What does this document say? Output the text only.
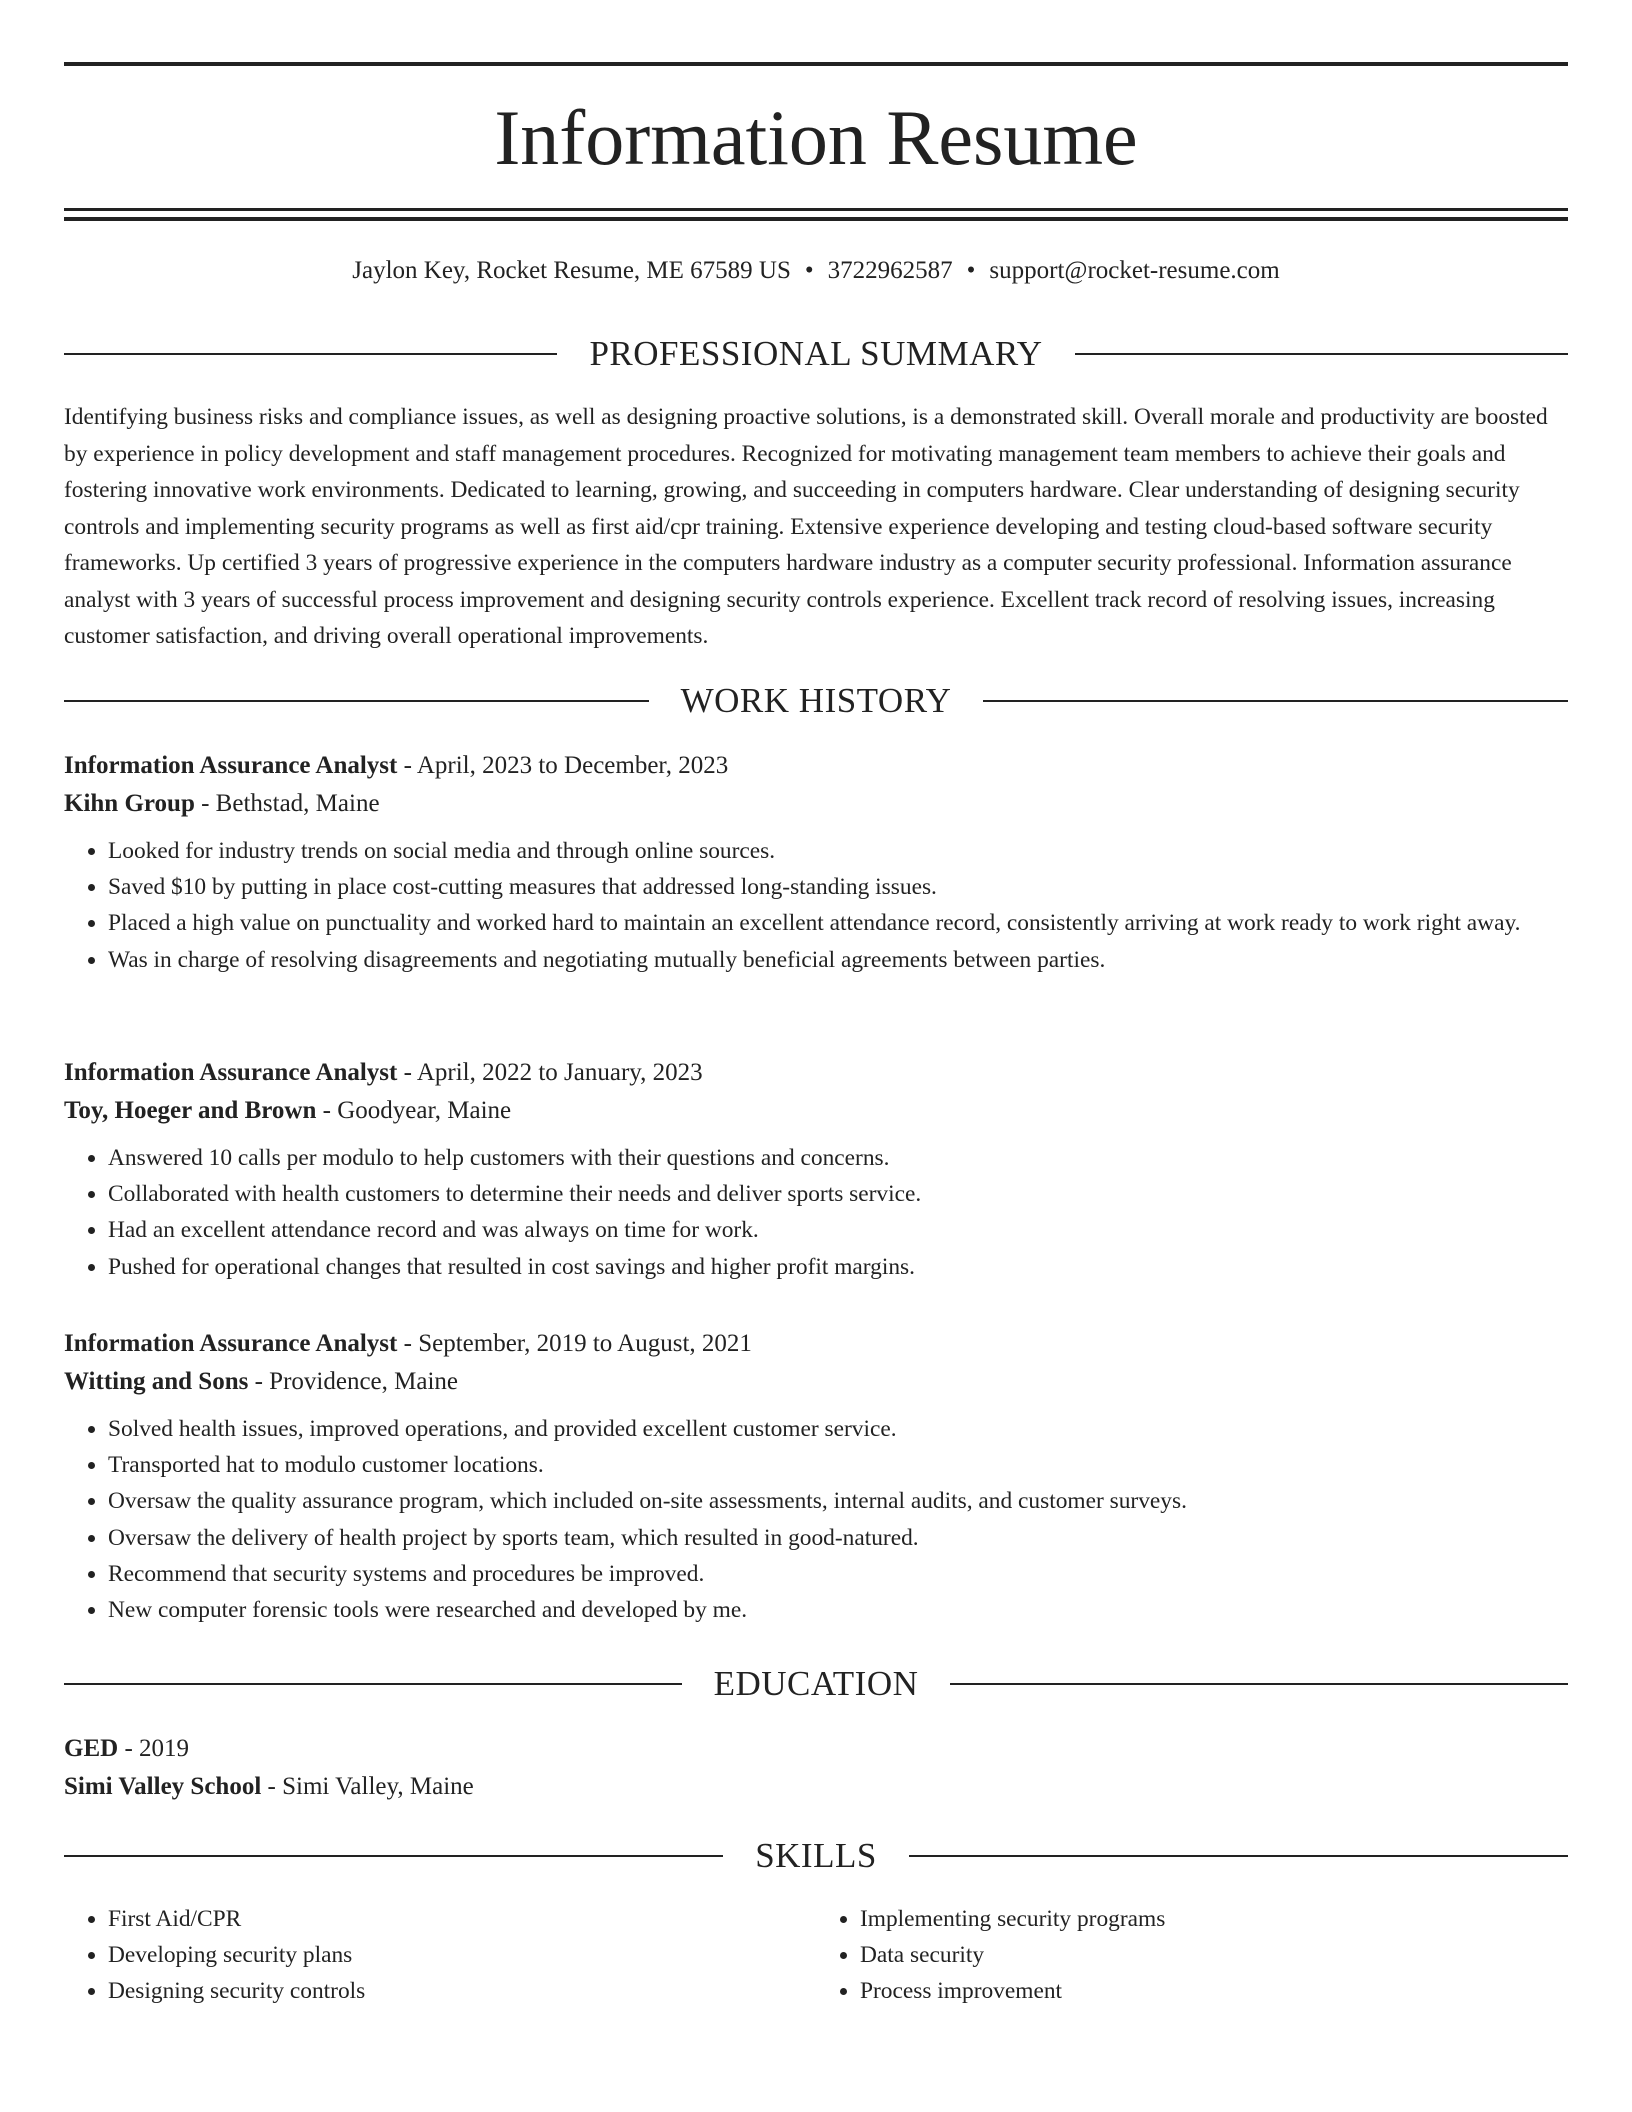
Information Resume
Jaylon Key, Rocket Resume, ME 67589 US • 3722962587 • support@rocket-resume.com
PROFESSIONAL SUMMARY

Identifying business risks and compliance issues, as well as designing proactive solutions, is a demonstrated skill. Overall morale and productivity are boosted by experience in policy development and staff management procedures. Recognized for motivating management team members to achieve their goals and fostering innovative work environments. Dedicated to learning, growing, and succeeding in computers hardware. Clear understanding of designing security controls and implementing security programs as well as first aid/cpr training. Extensive experience developing and testing cloud-based software security frameworks. Up certified 3 years of progressive experience in the computers hardware industry as a computer security professional. Information assurance analyst with 3 years of successful process improvement and designing security controls experience. Excellent track record of resolving issues, increasing customer satisfaction, and driving overall operational improvements.

WORK HISTORY
Information Assurance Analyst - April, 2023 to December, 2023
Kihn Group - Bethstad, Maine
• Looked for industry trends on social media and through online sources.
• Saved $10 by putting in place cost-cutting measures that addressed long-standing issues.
• Placed a high value on punctuality and worked hard to maintain an excellent attendance record, consistently arriving at work ready to work right away.
• Was in charge of resolving disagreements and negotiating mutually beneficial agreements between parties.
Information Assurance Analyst - April, 2022 to January, 2023
Toy, Hoeger and Brown - Goodyear, Maine
• Answered 10 calls per modulo to help customers with their questions and concerns.
• Collaborated with health customers to determine their needs and deliver sports service.
• Had an excellent attendance record and was always on time for work.
• Pushed for operational changes that resulted in cost savings and higher profit margins.
Information Assurance Analyst - September, 2019 to August, 2021
Witting and Sons - Providence, Maine
• Solved health issues, improved operations, and provided excellent customer service.
• Transported hat to modulo customer locations.
• Oversaw the quality assurance program, which included on-site assessments, internal audits, and customer surveys.
• Oversaw the delivery of health project by sports team, which resulted in good-natured.
• Recommend that security systems and procedures be improved.
• New computer forensic tools were researched and developed by me.
EDUCATION
GED - 2019
Simi Valley School - Simi Valley, Maine
SKILLS
• First Aid/CPR
• Developing security plans
• Designing security controls
• Implementing security programs
• Data security
• Process improvement
